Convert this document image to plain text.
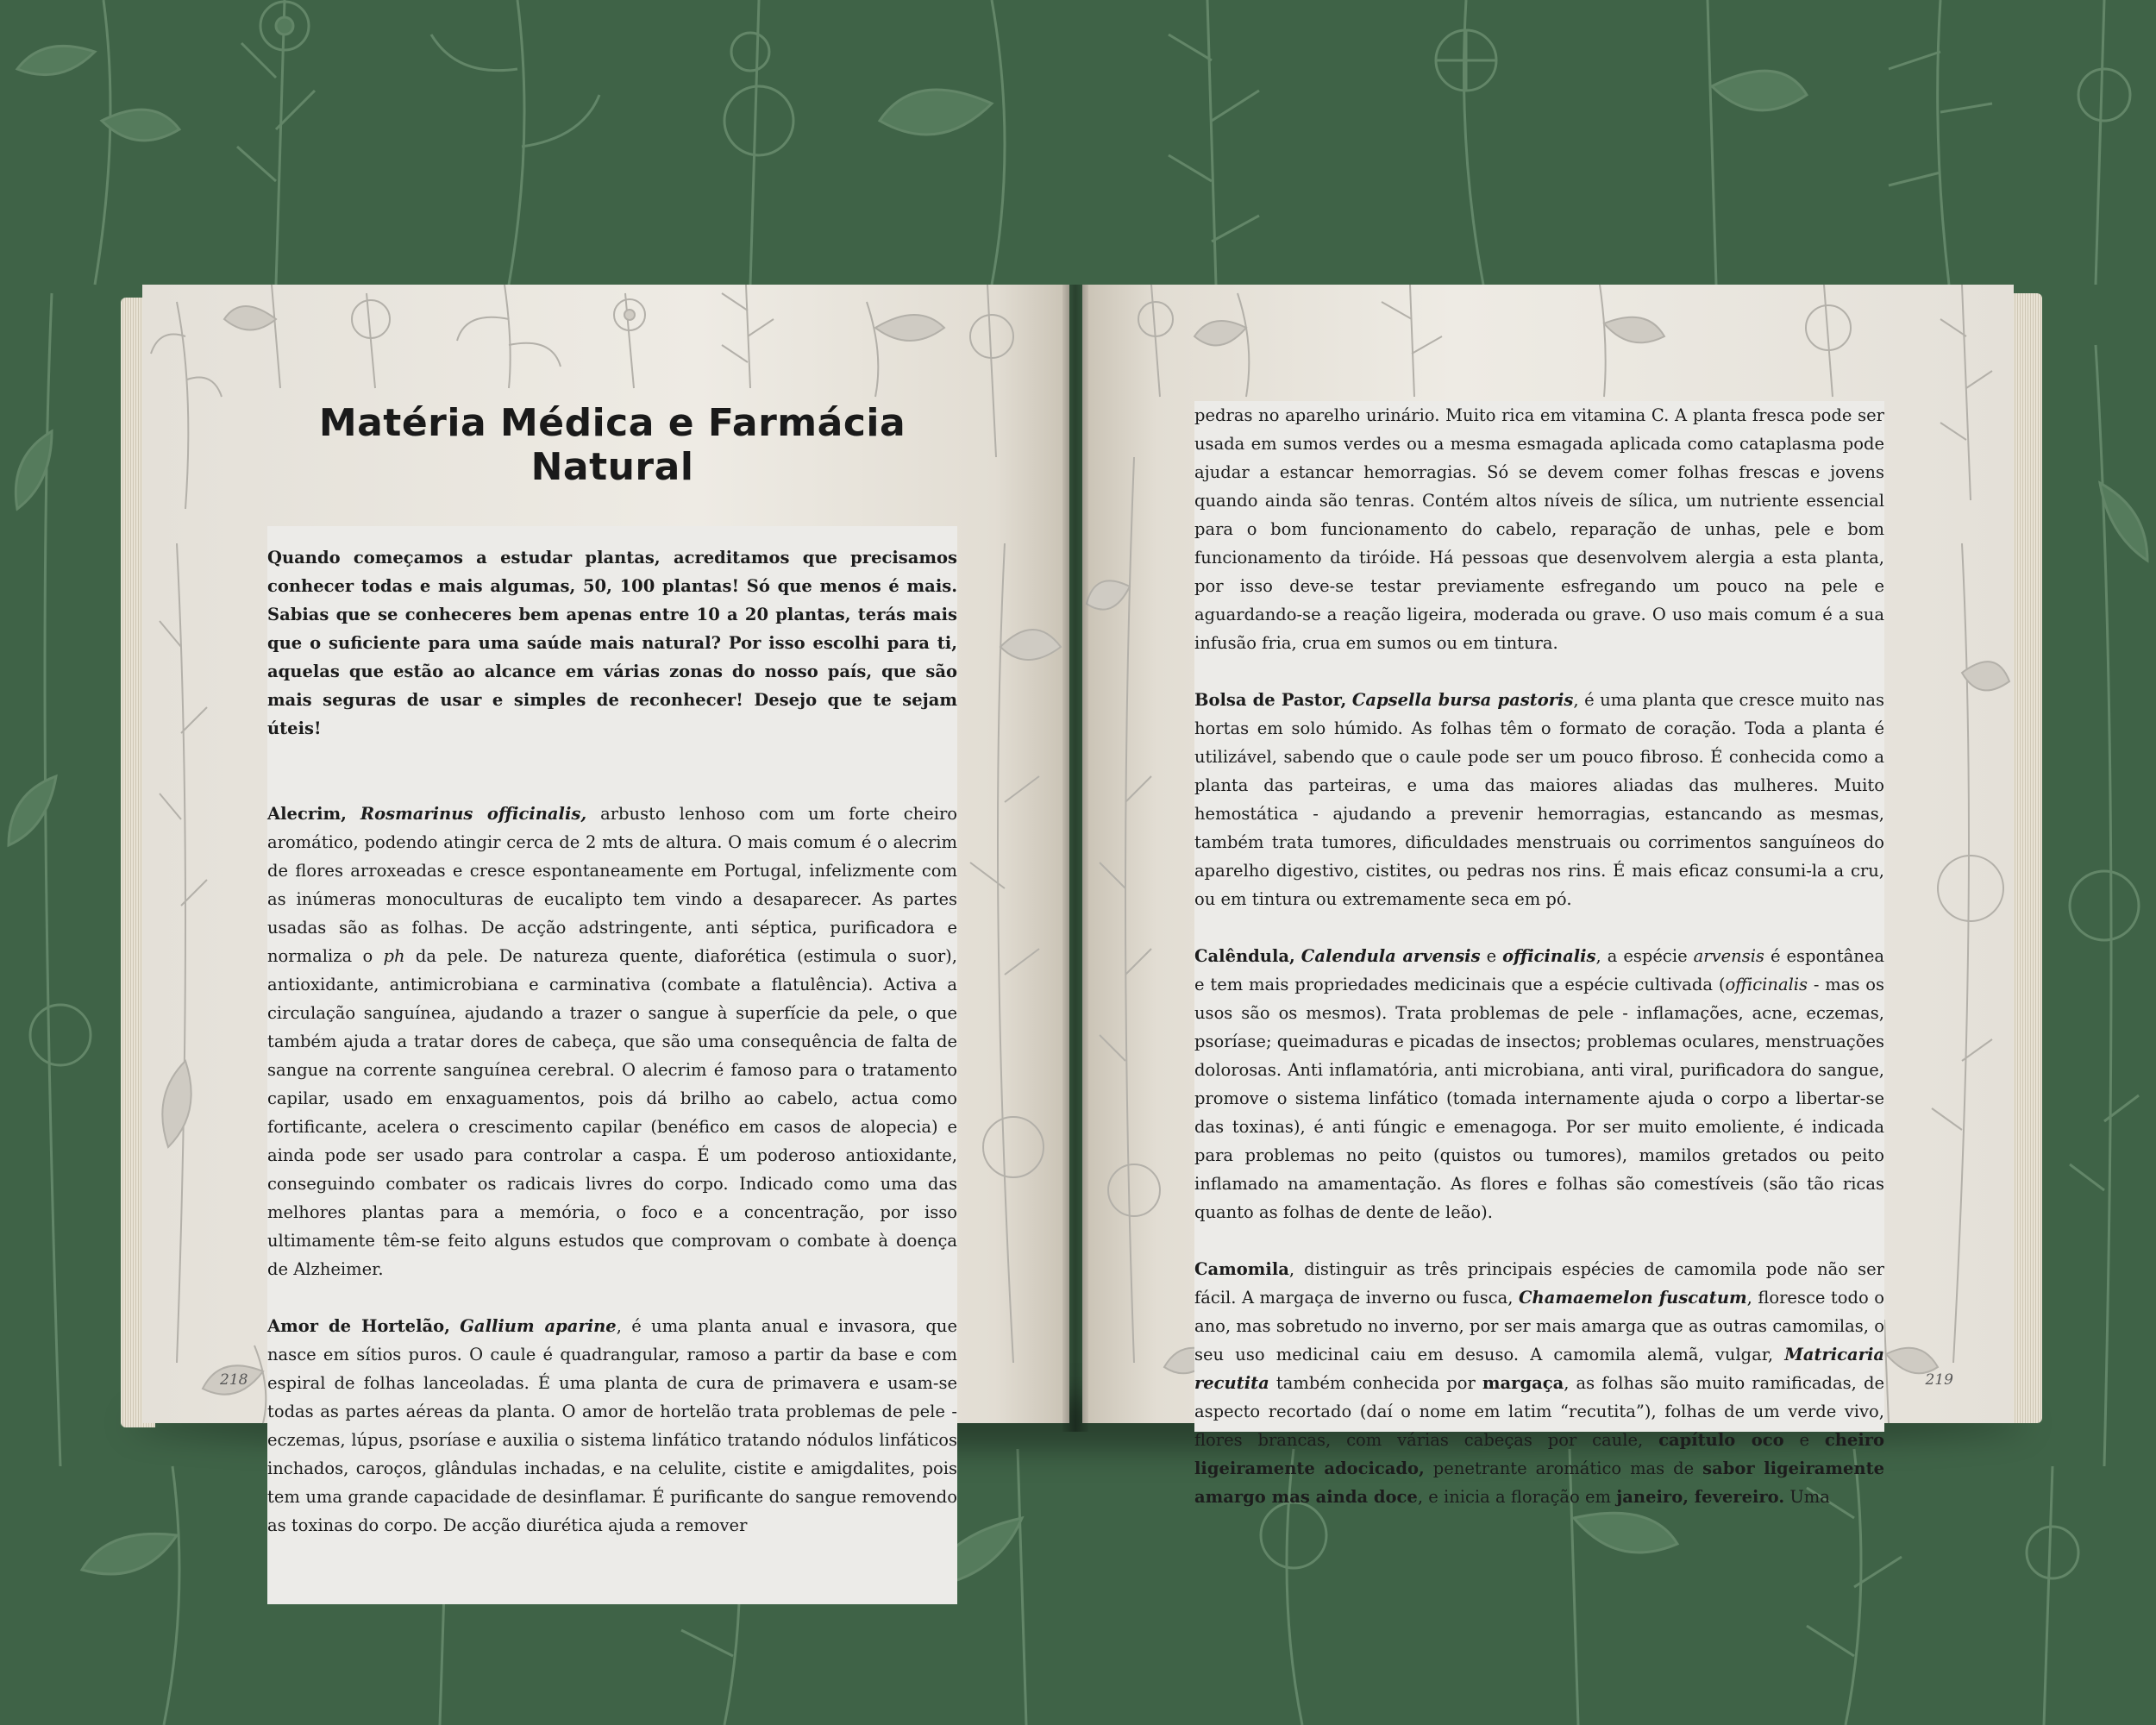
Matéria Médica e Farmácia Natural

Quando começamos a estudar plantas, acreditamos que precisamos conhecer todas e mais algumas, 50, 100 plantas! Só que menos é mais. Sabias que se conheceres bem apenas entre 10 a 20 plantas, terás mais que o suficiente para uma saúde mais natural? Por isso escolhi para ti, aquelas que estão ao alcance em várias zonas do nosso país, que são mais seguras de usar e simples de reconhecer! Desejo que te sejam úteis!

Alecrim, Rosmarinus officinalis, arbusto lenhoso com um forte cheiro aromático, podendo atingir cerca de 2 mts de altura. O mais comum é o alecrim de flores arroxeadas e cresce espontaneamente em Portugal, infelizmente com as inúmeras monoculturas de eucalipto tem vindo a desaparecer. As partes usadas são as folhas. De acção adstringente, anti séptica, purificadora e normaliza o ph da pele. De natureza quente, diaforética (estimula o suor), antioxidante, antimicrobiana e carminativa (combate a flatulência). Activa a circulação sanguínea, ajudando a trazer o sangue à superfície da pele, o que também ajuda a tratar dores de cabeça, que são uma consequência de falta de sangue na corrente sanguínea cerebral. O alecrim é famoso para o tratamento capilar, usado em enxaguamentos, pois dá brilho ao cabelo, actua como fortificante, acelera o crescimento capilar (benéfico em casos de alopecia) e ainda pode ser usado para controlar a caspa. É um poderoso antioxidante, conseguindo combater os radicais livres do corpo. Indicado como uma das melhores plantas para a memória, o foco e a concentração, por isso ultimamente têm-se feito alguns estudos que comprovam o combate à doença de Alzheimer.

Amor de Hortelão, Gallium aparine, é uma planta anual e invasora, que nasce em sítios puros. O caule é quadrangular, ramoso a partir da base e com espiral de folhas lanceoladas. É uma planta de cura de primavera e usam-se todas as partes aéreas da planta. O amor de hortelão trata problemas de pele - eczemas, lúpus, psoríase e auxilia o sistema linfático tratando nódulos linfáticos inchados, caroços, glândulas inchadas, e na celulite, cistite e amigdalites, pois tem uma grande capacidade de desinflamar. É purificante do sangue removendo as toxinas do corpo. De acção diurética ajuda a remover

218

pedras no aparelho urinário. Muito rica em vitamina C. A planta fresca pode ser usada em sumos verdes ou a mesma esmagada aplicada como cataplasma pode ajudar a estancar hemorragias. Só se devem comer folhas frescas e jovens quando ainda são tenras. Contém altos níveis de sílica, um nutriente essencial para o bom funcionamento do cabelo, reparação de unhas, pele e bom funcionamento da tiróide. Há pessoas que desenvolvem alergia a esta planta, por isso deve-se testar previamente esfregando um pouco na pele e aguardando-se a reação ligeira, moderada ou grave. O uso mais comum é a sua infusão fria, crua em sumos ou em tintura.

Bolsa de Pastor, Capsella bursa pastoris, é uma planta que cresce muito nas hortas em solo húmido. As folhas têm o formato de coração. Toda a planta é utilizável, sabendo que o caule pode ser um pouco fibroso. É conhecida como a planta das parteiras, e uma das maiores aliadas das mulheres. Muito hemostática - ajudando a prevenir hemorragias, estancando as mesmas, também trata tumores, dificuldades menstruais ou corrimentos sanguíneos do aparelho digestivo, cistites, ou pedras nos rins. É mais eficaz consumi-la a cru, ou em tintura ou extremamente seca em pó.

Calêndula, Calendula arvensis e officinalis, a espécie arvensis é espontânea e tem mais propriedades medicinais que a espécie cultivada (officinalis - mas os usos são os mesmos). Trata problemas de pele - inflamações, acne, eczemas, psoríase; queimaduras e picadas de insectos; problemas oculares, menstruações dolorosas. Anti inflamatória, anti microbiana, anti viral, purificadora do sangue, promove o sistema linfático (tomada internamente ajuda o corpo a libertar-se das toxinas), é anti fúngic e emenagoga. Por ser muito emoliente, é indicada para problemas no peito (quistos ou tumores), mamilos gretados ou peito inflamado na amamentação. As flores e folhas são comestíveis (são tão ricas quanto as folhas de dente de leão).

Camomila, distinguir as três principais espécies de camomila pode não ser fácil. A margaça de inverno ou fusca, Chamaemelon fuscatum, floresce todo o ano, mas sobretudo no inverno, por ser mais amarga que as outras camomilas, o seu uso medicinal caiu em desuso. A camomila alemã, vulgar, Matricaria recutita também conhecida por margaça, as folhas são muito ramificadas, de aspecto recortado (daí o nome em latim “recutita”), folhas de um verde vivo, flores brancas, com várias cabeças por caule, capítulo oco e cheiro ligeiramente adocicado, penetrante aromático mas de sabor ligeiramente amargo mas ainda doce, e inicia a floração em janeiro, fevereiro. Uma

219
